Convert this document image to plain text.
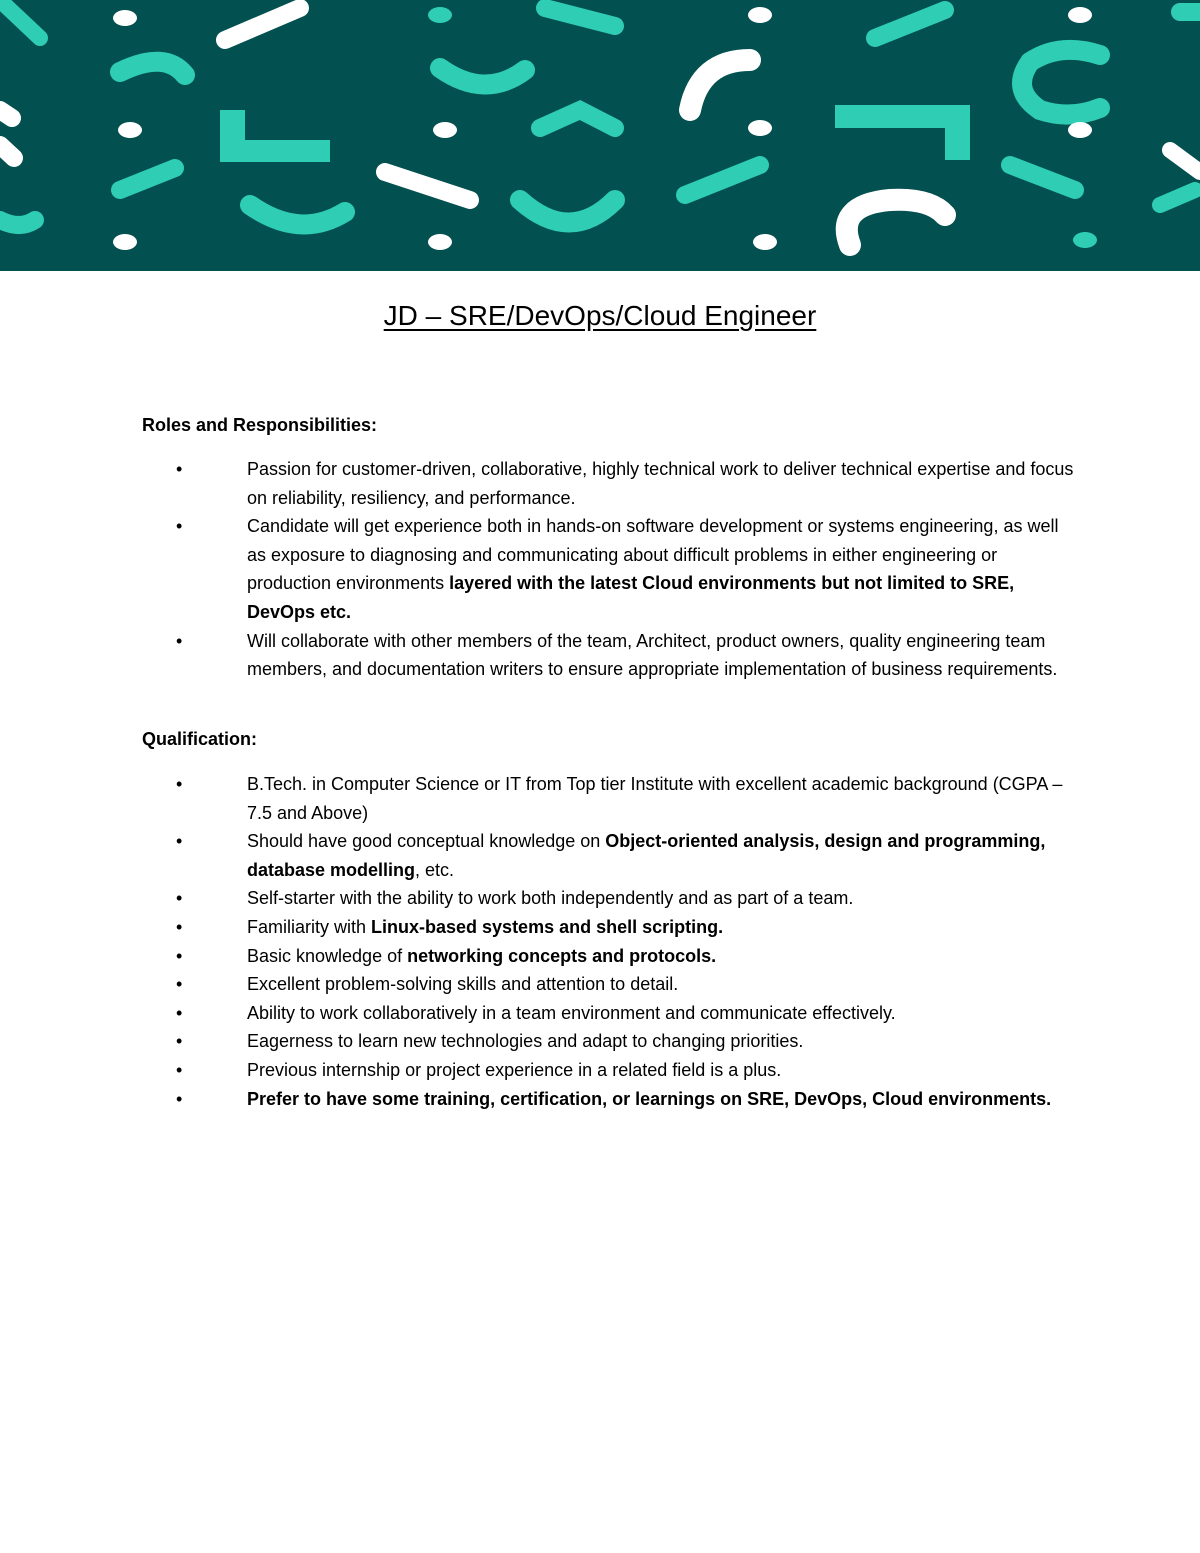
JD – SRE/DevOps/Cloud Engineer

Roles and Responsibilities:

•	Passion for customer-driven, collaborative, highly technical work to deliver technical expertise and focus on reliability, resiliency, and performance.
•	Candidate will get experience both in hands-on software development or systems engineering, as well as exposure to diagnosing and communicating about difficult problems in either engineering or production environments layered with the latest Cloud environments but not limited to SRE, DevOps etc.
•	Will collaborate with other members of the team, Architect, product owners, quality engineering team members, and documentation writers to ensure appropriate implementation of business requirements.

Qualification:

•	B.Tech. in Computer Science or IT from Top tier Institute with excellent academic background (CGPA – 7.5 and Above)
•	Should have good conceptual knowledge on Object-oriented analysis, design and programming, database modelling, etc.
•	Self-starter with the ability to work both independently and as part of a team.
•	Familiarity with Linux-based systems and shell scripting.
•	Basic knowledge of networking concepts and protocols.
•	Excellent problem-solving skills and attention to detail.
•	Ability to work collaboratively in a team environment and communicate effectively.
•	Eagerness to learn new technologies and adapt to changing priorities.
•	Previous internship or project experience in a related field is a plus.
•	Prefer to have some training, certification, or learnings on SRE, DevOps, Cloud environments.
